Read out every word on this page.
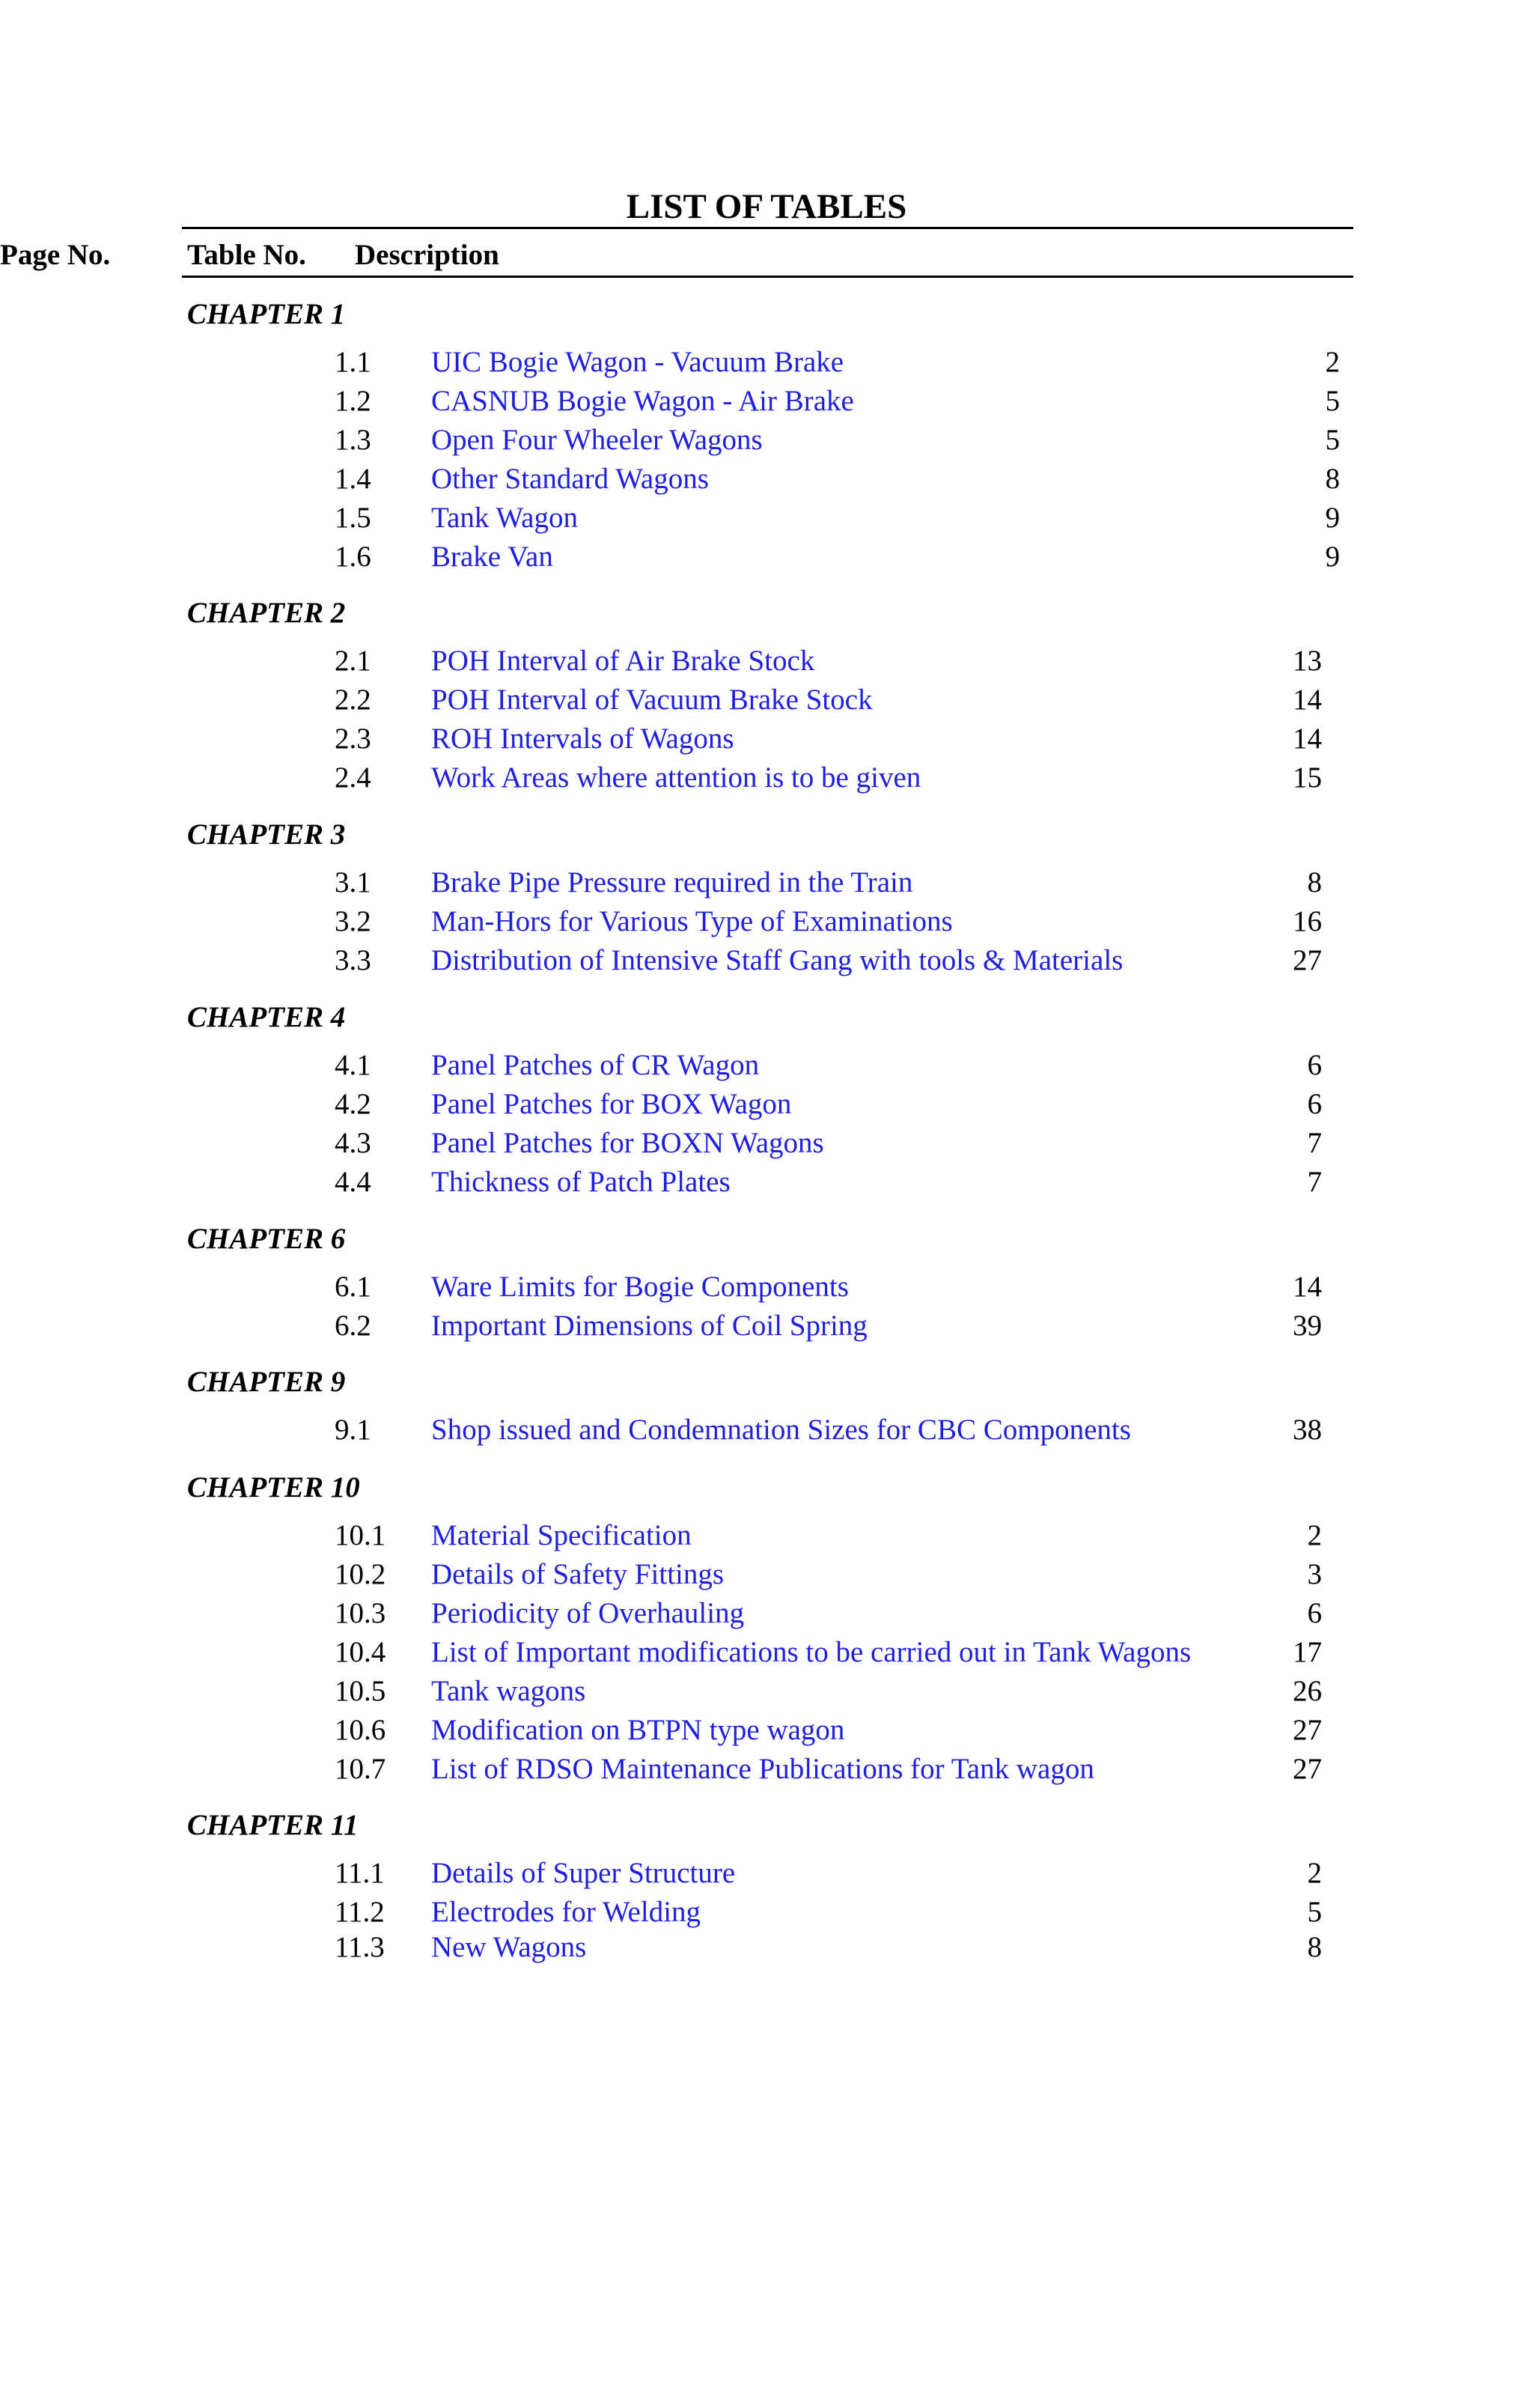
LIST OF TABLES
Table No. Description
Page No.
CHAPTER 1
1.1 UIC Bogie Wagon - Vacuum Brake	2
1.2 CASNUB Bogie Wagon - Air Brake	5
1.3 Open Four Wheeler Wagons	5
1.4 Other Standard Wagons	8
1.5 Tank Wagon	9
1.6 Brake Van	9
CHAPTER 2
2.1 POH Interval of Air Brake Stock	13
2.2 POH Interval of Vacuum Brake Stock	14
2.3 ROH Intervals of Wagons	14
2.4 Work Areas where attention is to be given	15
CHAPTER 3
3.1 Brake Pipe Pressure required in the Train	8
3.2 Man-Hors for Various Type of Examinations	16
3.3 Distribution of Intensive Staff Gang with tools & Materials	27
CHAPTER 4
4.1 Panel Patches of CR Wagon	6
4.2 Panel Patches for BOX Wagon	6
4.3 Panel Patches for BOXN Wagons	7
4.4 Thickness of Patch Plates	7
CHAPTER 6
6.1 Ware Limits for Bogie Components	14
6.2 Important Dimensions of Coil Spring	39
CHAPTER 9
9.1 Shop issued and Condemnation Sizes for CBC Components	38
CHAPTER 10
10.1 Material Specification	2
10.2 Details of Safety Fittings	3
10.3 Periodicity of Overhauling	6
10.4 List of Important modifications to be carried out in Tank Wagons	17
10.5 Tank wagons	26
10.6 Modification on BTPN type wagon	27
10.7 List of RDSO Maintenance Publications for Tank wagon	27
CHAPTER 11
11.1 Details of Super Structure	2
11.2 Electrodes for Welding	5
11.3 New Wagons	8
